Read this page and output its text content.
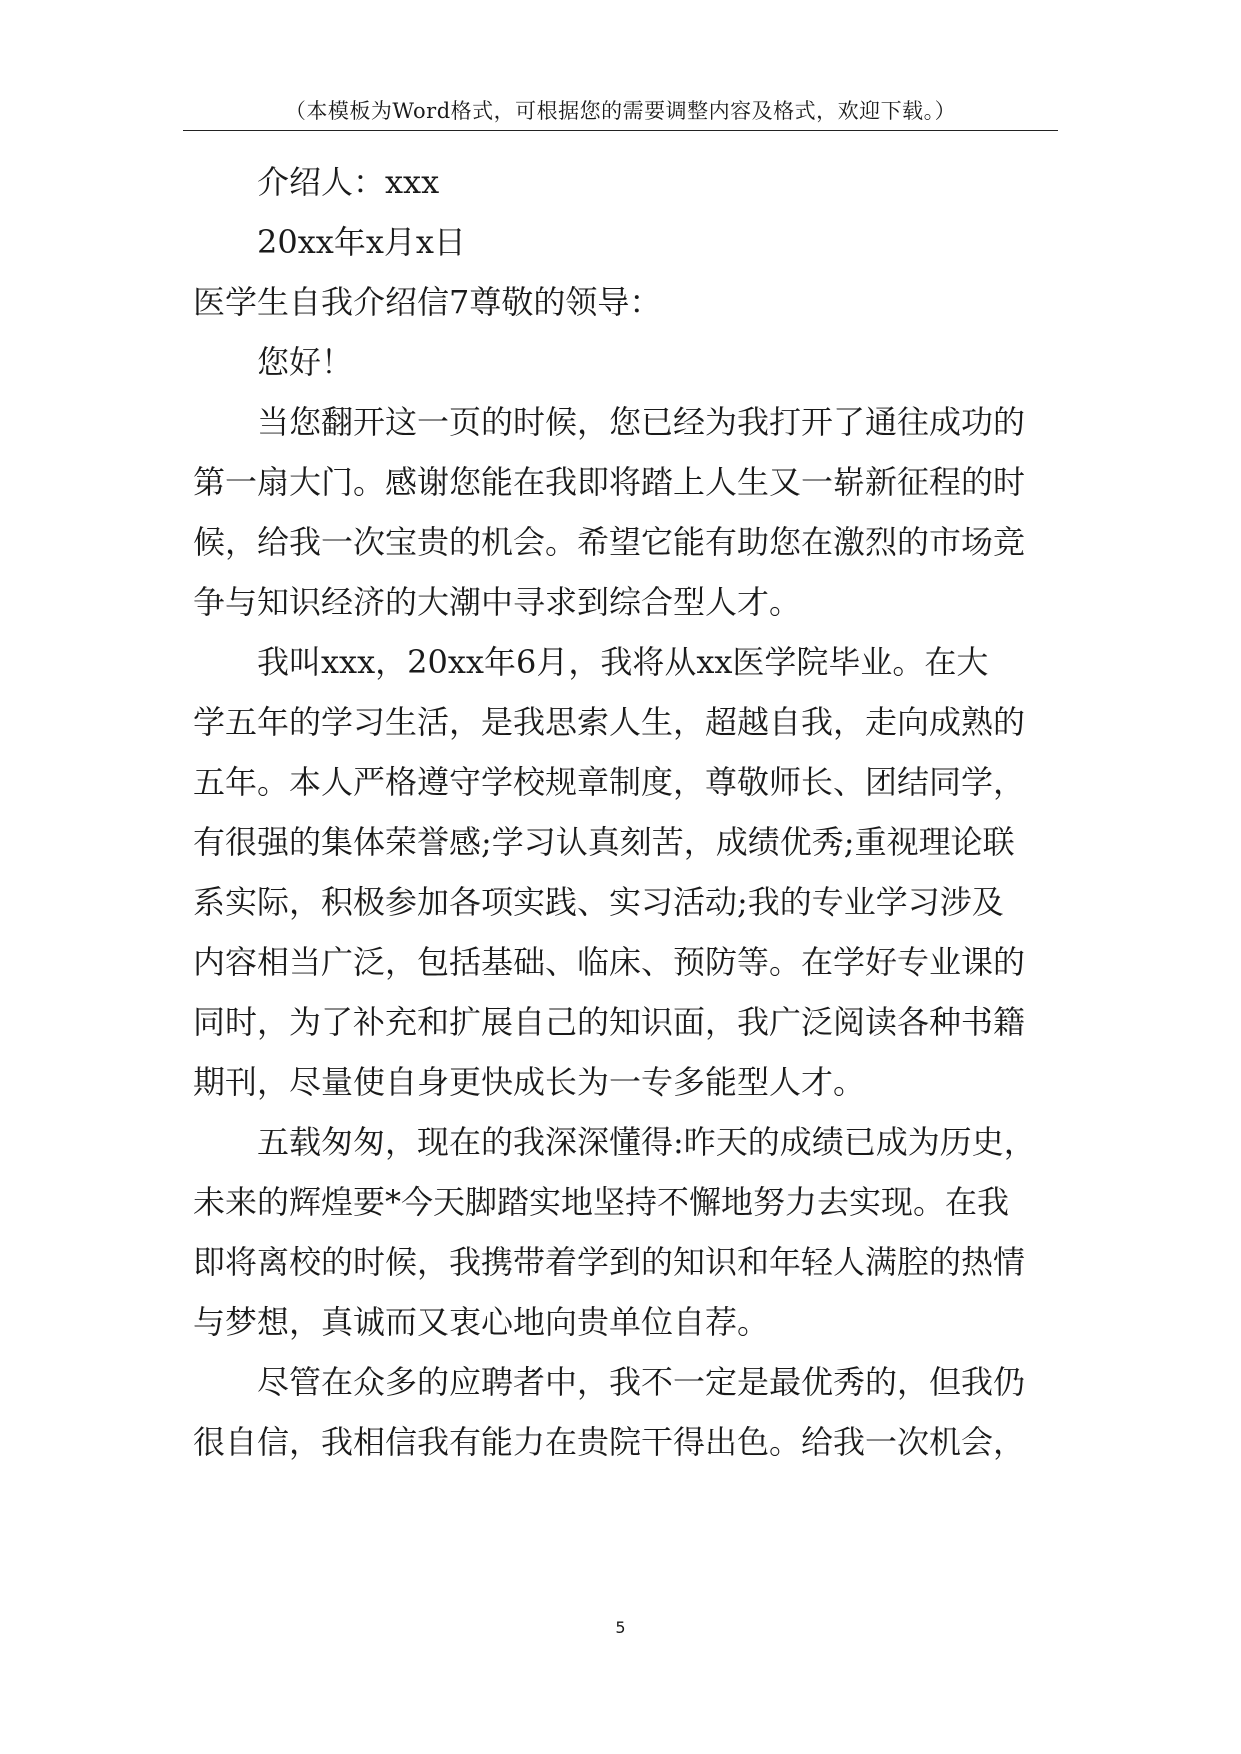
（本模板为Word格式，可根据您的需要调整内容及格式，欢迎下载。）

介绍人：xxx

20xx年x月x日

医学生自我介绍信7尊敬的领导：

您好！

当您翻开这一页的时候，您已经为我打开了通往成功的

第一扇大门。感谢您能在我即将踏上人生又一崭新征程的时

候，给我一次宝贵的机会。希望它能有助您在激烈的市场竞

争与知识经济的大潮中寻求到综合型人才。

我叫xxx，20xx年6月，我将从xx医学院毕业。在大

学五年的学习生活，是我思索人生，超越自我，走向成熟的

五年。本人严格遵守学校规章制度，尊敬师长、团结同学，

有很强的集体荣誉感;学习认真刻苦，成绩优秀;重视理论联

系实际，积极参加各项实践、实习活动;我的专业学习涉及

内容相当广泛，包括基础、临床、预防等。在学好专业课的

同时，为了补充和扩展自己的知识面，我广泛阅读各种书籍

期刊，尽量使自身更快成长为一专多能型人才。

五载匆匆，现在的我深深懂得:昨天的成绩已成为历史，

未来的辉煌要*今天脚踏实地坚持不懈地努力去实现。在我

即将离校的时候，我携带着学到的知识和年轻人满腔的热情

与梦想，真诚而又衷心地向贵单位自荐。

尽管在众多的应聘者中，我不一定是最优秀的，但我仍

很自信，我相信我有能力在贵院干得出色。给我一次机会，

5
